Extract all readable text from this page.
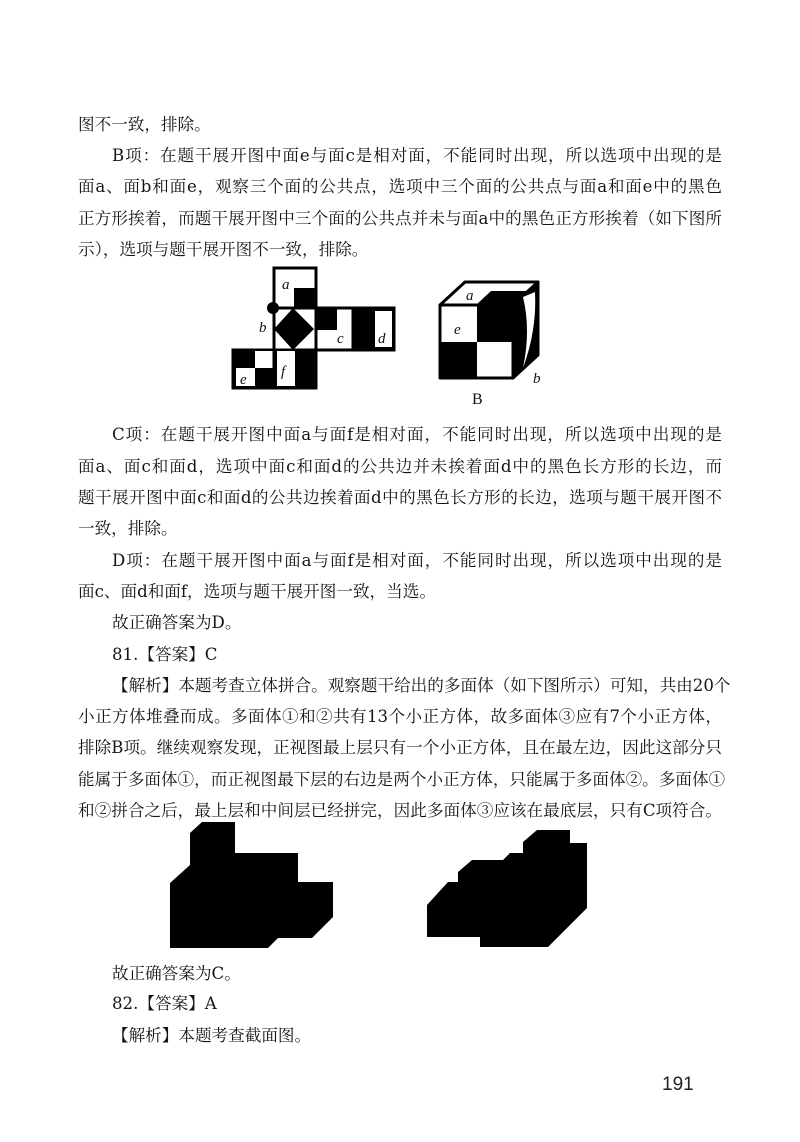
图不一致，排除。
B项：在题干展开图中面e与面c是相对面，不能同时出现，所以选项中出现的是
面a、面b和面e，观察三个面的公共点，选项中三个面的公共点与面a和面e中的黑色
正方形挨着，而题干展开图中三个面的公共点并未与面a中的黑色正方形挨着（如下图所
示），选项与题干展开图不一致，排除。
C项：在题干展开图中面a与面f是相对面，不能同时出现，所以选项中出现的是
面a、面c和面d，选项中面c和面d的公共边并未挨着面d中的黑色长方形的长边，而
题干展开图中面c和面d的公共边挨着面d中的黑色长方形的长边，选项与题干展开图不
一致，排除。
D项：在题干展开图中面a与面f是相对面，不能同时出现，所以选项中出现的是
面c、面d和面f，选项与题干展开图一致，当选。
故正确答案为D。
81.【答案】C
【解析】本题考查立体拼合。观察题干给出的多面体（如下图所示）可知，共由20个
小正方体堆叠而成。多面体①和②共有13个小正方体，故多面体③应有7个小正方体，
排除B项。继续观察发现，正视图最上层只有一个小正方体，且在最左边，因此这部分只
能属于多面体①，而正视图最下层的右边是两个小正方体，只能属于多面体②。多面体①
和②拼合之后，最上层和中间层已经拼完，因此多面体③应该在最底层，只有C项符合。
故正确答案为C。
82.【答案】A
【解析】本题考查截面图。
a
b
c d
e f
a
e
b
B
191
